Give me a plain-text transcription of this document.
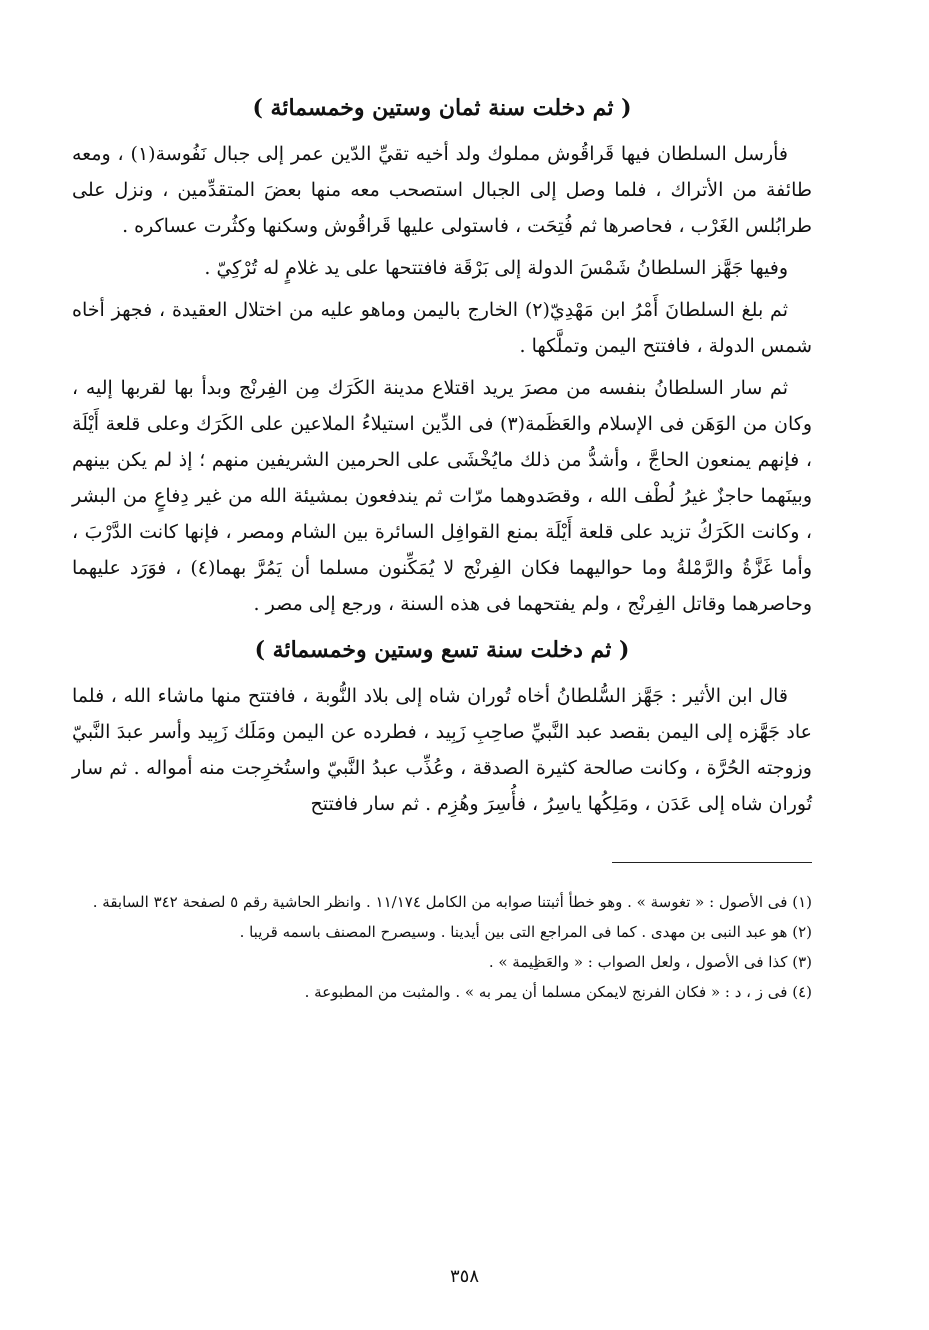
( ثم دخلت سنة ثمان وستين وخمسمائة )

فأرسل السلطان فيها قَراقُوش مملوك ولد أخيه تقيِّ الدّين عمر إلى جبال نَفُوسة(١) ، ومعه طائفة من الأتراك ، فلما وصل إلى الجبال استصحب معه منها بعضَ المتقدِّمين ، ونزل على طرابُلس الغَرْب ، فحاصرها ثم فُتِحَت ، فاستولى عليها قَراقُوش وسكنها وكثُرت عساكره .

وفيها جَهَّز السلطانُ شَمْسَ الدولة إلى بَرْقَة فافتتحها على يد غلامٍ له تُرْكِيّ .

ثم بلغ السلطانَ أَمْرُ ابن مَهْدِيّ(٢) الخارج باليمن وماهو عليه من اختلال العقيدة ، فجهز أخاه شمس الدولة ، فافتتح اليمن وتملَّكها .

ثم سار السلطانُ بنفسه من مصرَ يريد اقتلاع مدينة الكَرَك مِن الفِرنْج وبدأ بها لقربها إليه ، وكان من الوَهَن فى الإسلام والعَظَمة(٣) فى الدِّين استيلاءُ الملاعين على الكَرَك وعلى قلعة أَيْلَة ، فإنهم يمنعون الحاجَّ ، وأشدُّ من ذلك مايُخْشَى على الحرمين الشريفين منهم ؛ إذ لم يكن بينهم وبينَهما حاجزٌ غيرُ لُطْف الله ، وقصَدوهما مرّات ثم يندفعون بمشيئة الله من غير دِفاعٍ من البشر ، وكانت الكَرَكُ تزيد على قلعة أَيْلَة بمنع القوافِل السائرة بين الشام ومصر ، فإنها كانت الدَّرْبَ ، وأما غَزَّةُ والرَّمْلةُ وما حواليهما فكان الفِرنْج لا يُمَكِّنون مسلما أن يَمُرَّ بهما(٤) ، فوَرَد عليهما وحاصرهما وقاتل الفِرنْج ، ولم يفتحهما فى هذه السنة ، ورجع إلى مصر .

( ثم دخلت سنة تسع وستين وخمسمائة )

قال ابن الأثير : جَهَّز السُّلطانُ أخاه تُوران شاه إلى بلاد النُّوبة ، فافتتح منها ماشاء الله ، فلما عاد جَهَّزه إلى اليمن بقصد عبد النَّبيِّ صاحِبِ زَبِيد ، فطرده عن اليمن ومَلَك زَبِيد وأسر عبدَ النَّبيّ وزوجته الحُرَّة ، وكانت صالحة كثيرة الصدقة ، وعُذِّب عبدُ النَّبيّ واستُخرِجت منه أمواله . ثم سار تُوران شاه إلى عَدَن ، ومَلِكُها ياسِرُ ، فأُسِرَ وهُزِم . ثم سار فافتتح

(١) فى الأصول : « تغوسة » . وهو خطأ أثبتنا صوابه من الكامل ١١/١٧٤ . وانظر الحاشية رقم ٥ لصفحة ٣٤٢ السابقة .

(٢) هو عبد النبى بن مهدى . كما فى المراجع التى بين أيدينا . وسيصرح المصنف باسمه قريبا .

(٣) كذا فى الأصول ، ولعل الصواب : « والعَظِيمة » .

(٤) فى ز ، د : « فكان الفرنج لايمكن مسلما أن يمر به » . والمثبت من المطبوعة .

٣٥٨
